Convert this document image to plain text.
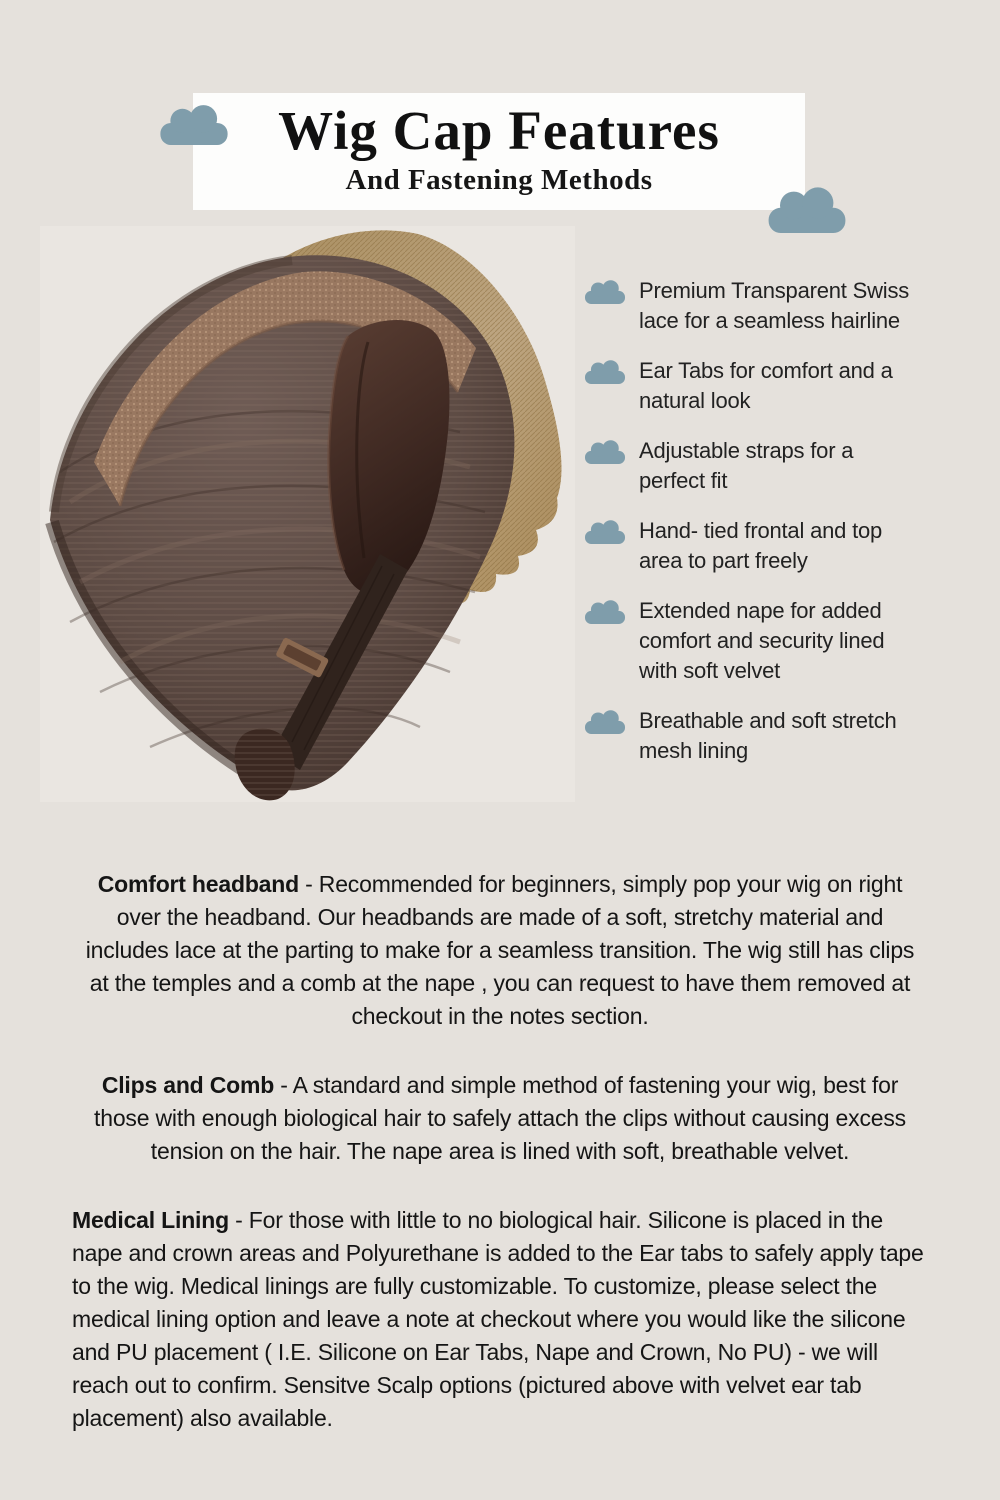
Wig Cap Features
And Fastening Methods
Premium Transparent Swiss lace for a seamless hairline
Ear Tabs for comfort and a natural look
Adjustable straps for a perfect fit
Hand- tied frontal and top area to part freely
Extended nape for added comfort and security lined with soft velvet
Breathable and soft stretch mesh lining

Comfort headband - Recommended for beginners, simply pop your wig on right over the headband. Our headbands are made of a soft, stretchy material and includes lace at the parting to make for a seamless transition. The wig still has clips at the temples and a comb at the nape , you can request to have them removed at checkout in the notes section.

Clips and Comb - A standard and simple method of fastening your wig, best for those with enough biological hair to safely attach the clips without causing excess tension on the hair. The nape area is lined with soft, breathable velvet.

Medical Lining - For those with little to no biological hair. Silicone is placed in the nape and crown areas and Polyurethane is added to the Ear tabs to safely apply tape to the wig. Medical linings are fully customizable. To customize, please select the medical lining option and leave a note at checkout where you would like the silicone and PU placement ( I.E. Silicone on Ear Tabs, Nape and Crown, No PU) - we will reach out to confirm. Sensitve Scalp options (pictured above with velvet ear tab placement) also available.
